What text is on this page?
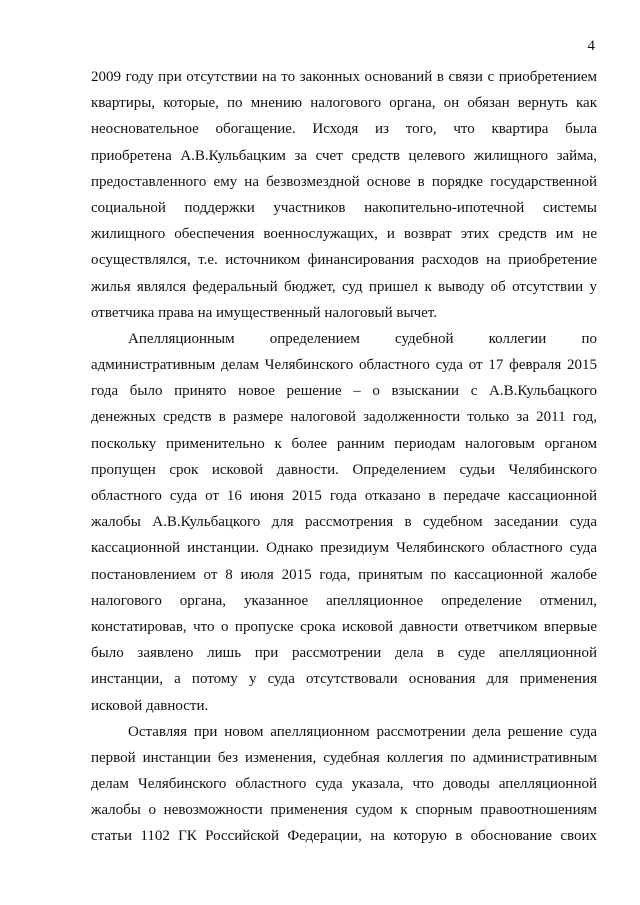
4
2009 году при отсутствии на то законных оснований в связи с приобретением
квартиры, которые, по мнению налогового органа, он обязан вернуть как
неосновательное обогащение. Исходя из того, что квартира была
приобретена А.В.Кульбацким за счет средств целевого жилищного займа,
предоставленного ему на безвозмездной основе в порядке государственной
социальной поддержки участников накопительно-ипотечной системы
жилищного обеспечения военнослужащих, и возврат этих средств им не
осуществлялся, т.е. источником финансирования расходов на приобретение
жилья являлся федеральный бюджет, суд пришел к выводу об отсутствии у
ответчика права на имущественный налоговый вычет.
Апелляционным определением судебной коллегии по
административным делам Челябинского областного суда от 17 февраля 2015
года было принято новое решение – о взыскании с А.В.Кульбацкого
денежных средств в размере налоговой задолженности только за 2011 год,
поскольку применительно к более ранним периодам налоговым органом
пропущен срок исковой давности. Определением судьи Челябинского
областного суда от 16 июня 2015 года отказано в передаче кассационной
жалобы А.В.Кульбацкого для рассмотрения в судебном заседании суда
кассационной инстанции. Однако президиум Челябинского областного суда
постановлением от 8 июля 2015 года, принятым по кассационной жалобе
налогового органа, указанное апелляционное определение отменил,
констатировав, что о пропуске срока исковой давности ответчиком впервые
было заявлено лишь при рассмотрении дела в суде апелляционной
инстанции, а потому у суда отсутствовали основания для применения
исковой давности.
Оставляя при новом апелляционном рассмотрении дела решение суда
первой инстанции без изменения, судебная коллегия по административным
делам Челябинского областного суда указала, что доводы апелляционной
жалобы о невозможности применения судом к спорным правоотношениям
статьи 1102 ГК Российской Федерации, на которую в обоснование своих
